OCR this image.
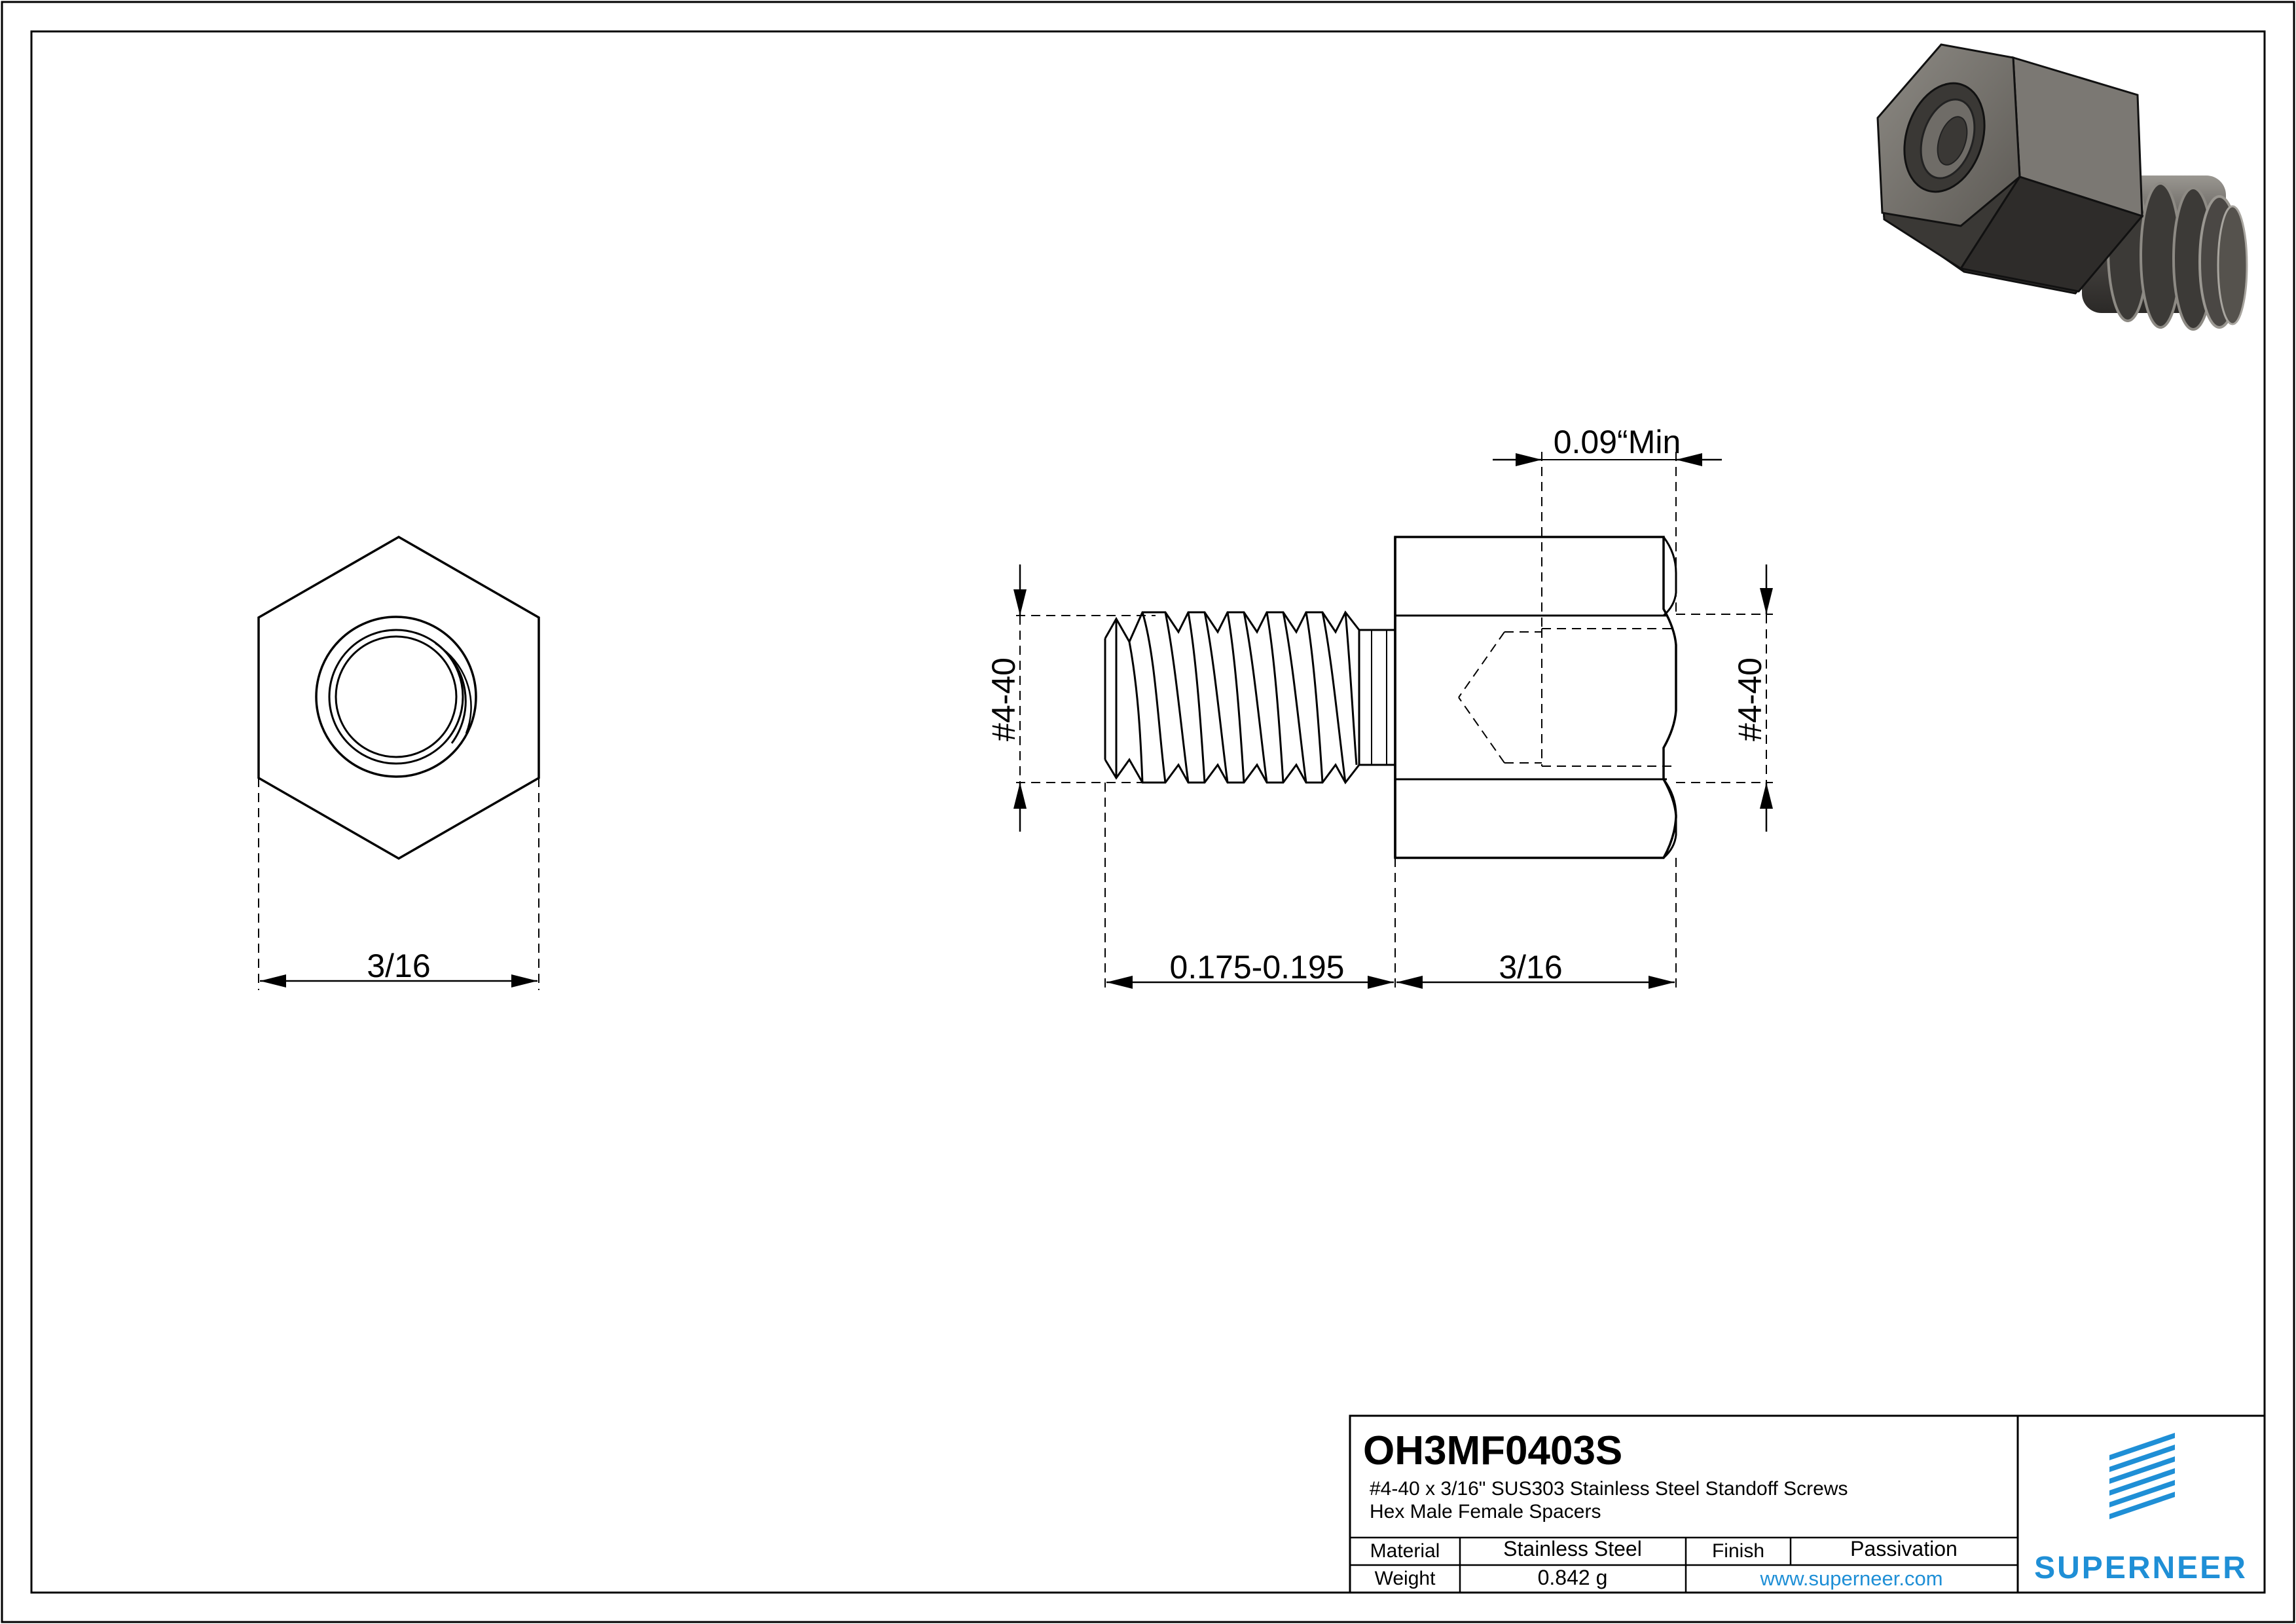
3/16
#4-40	#4-40
0.09“Min
0.175-0.195	3/16
OH3MF0403S
#4-40 x 3/16" SUS303 Stainless Steel Standoff Screws
Hex Male Female Spacers
Material	Stainless Steel	Finish	Passivation
Weight	0.842 g	www.superneer.com	SUPERNEER
